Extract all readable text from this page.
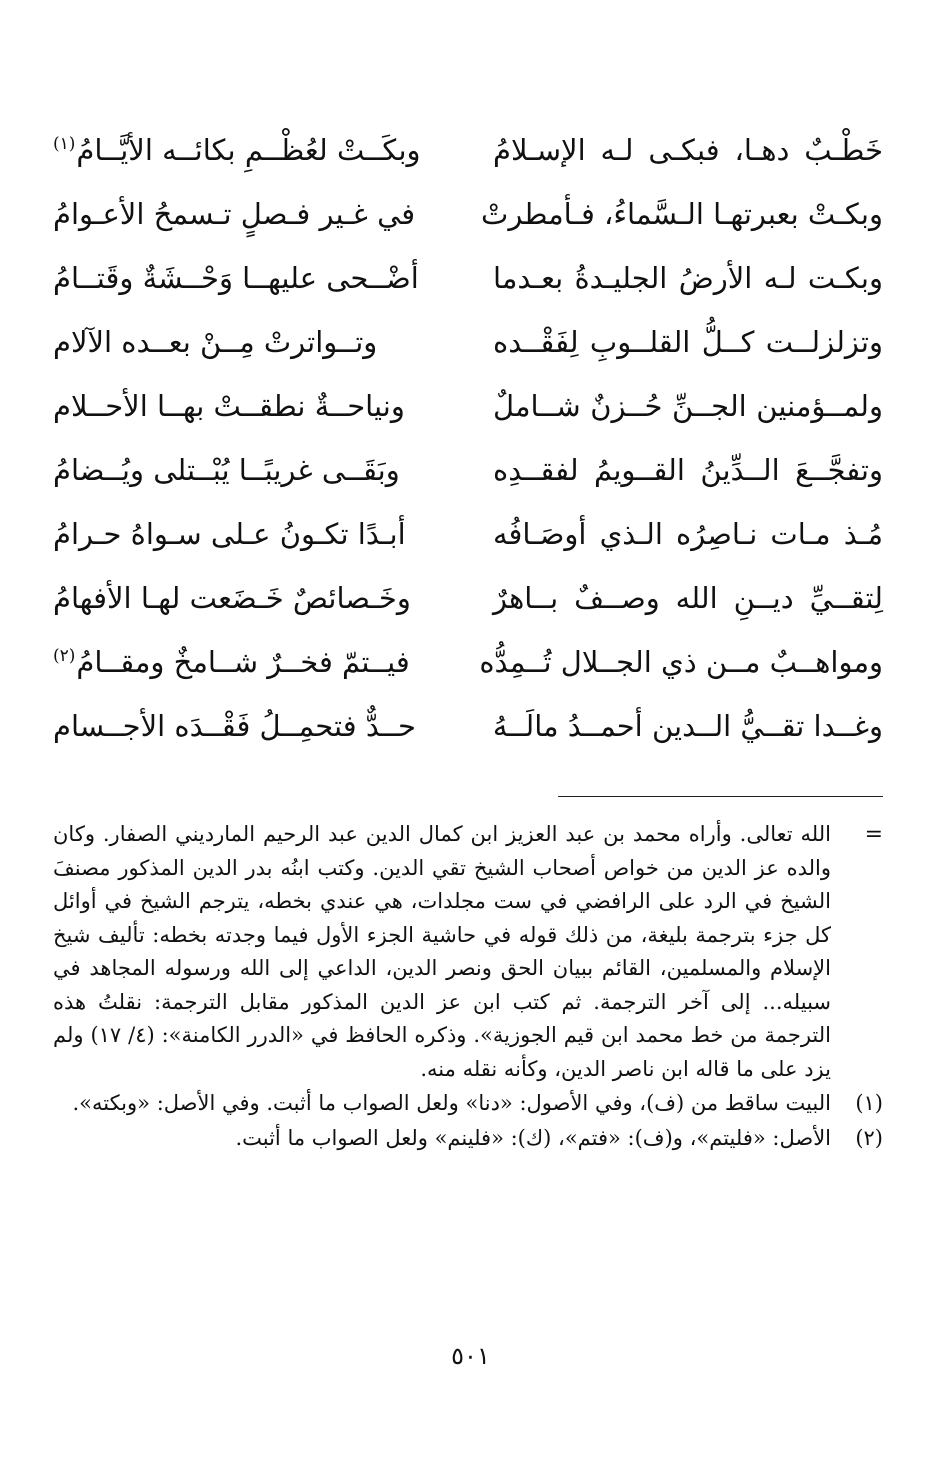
خَطْـبٌ دهـا، فبكـى لـه الإسـلامُ
وبكَــتْ لعُظْــمِ بكائــه الأيَّــامُ$^{(١)}$
وبكـتْ بعبرتهـا الـسَّماءُ، فـأمطرتْ
في غـير فـصلٍ تـسمحُ الأعـوامُ
وبكـت لـه الأرضُ الجليـدةُ بعـدما
أضْــحى عليهــا وَحْــشَةٌ وقَتــامُ
وتزلزلــت كــلُّ القلــوبِ لِفَقْــده
وتــواترتْ مِــنْ بعــده الآلام
ولمــؤمنين الجــنِّ حُــزنٌ شــاملٌ
ونياحــةٌ نطقــتْ بهــا الأحــلام
وتفجَّــعَ الــدِّينُ القــويمُ لفقــدِه
وبَقَــى غريبًــا يُبْــتلى ويُــضامُ
مُـذ مـات نـاصِرُه الـذي أوصَـافُه
أبـدًا تكـونُ عـلى سـواهُ حـرامُ
لِتقــيِّ ديــنِ الله وصــفٌ بــاهرٌ
وخَـصائصٌ خَـضَعت لهـا الأفهامُ
ومواهــبٌ مــن ذي الجــلال تُــمِدُّه
فيــتمّ فخــرٌ شــامخٌ ومقــامُ$^{(٢)}$
وغــدا تقــيُّ الــدين أحمــدُ مالَــهُ
حــدٌّ فتحمِــلُ فَقْــدَه الأجــسام
=
الله تعالى. وأراه محمد بن عبد العزيز ابن كمال الدين عبد الرحيم المارديني الصفار. وكان والده عز الدين من خواص أصحاب الشيخ تقي الدين. وكتب ابنُه بدر الدين المذكور مصنفَ الشيخ في الرد على الرافضي في ست مجلدات، هي عندي بخطه، يترجم الشيخ في أوائل كل جزء بترجمة بليغة، من ذلك قوله في حاشية الجزء الأول فيما وجدته بخطه: تأليف شيخ الإسلام والمسلمين، القائم ببيان الحق ونصر الدين، الداعي إلى الله ورسوله المجاهد في سبيله... إلى آخر الترجمة. ثم كتب ابن عز الدين المذكور مقابل الترجمة: نقلتُ هذه الترجمة من خط محمد ابن قيم الجوزية». وذكره الحافظ في «الدرر الكامنة»: (٤/ ١٧) ولم يزد على ما قاله ابن ناصر الدين، وكأنه نقله منه.
(١)
البيت ساقط من (ف)، وفي الأصول: «دنا» ولعل الصواب ما أثبت. وفي الأصل: «وبكته».
(٢)
الأصل: «فليتم»، و(ف): «فتم»، (ك): «فلينم» ولعل الصواب ما أثبت.
٥٠١
